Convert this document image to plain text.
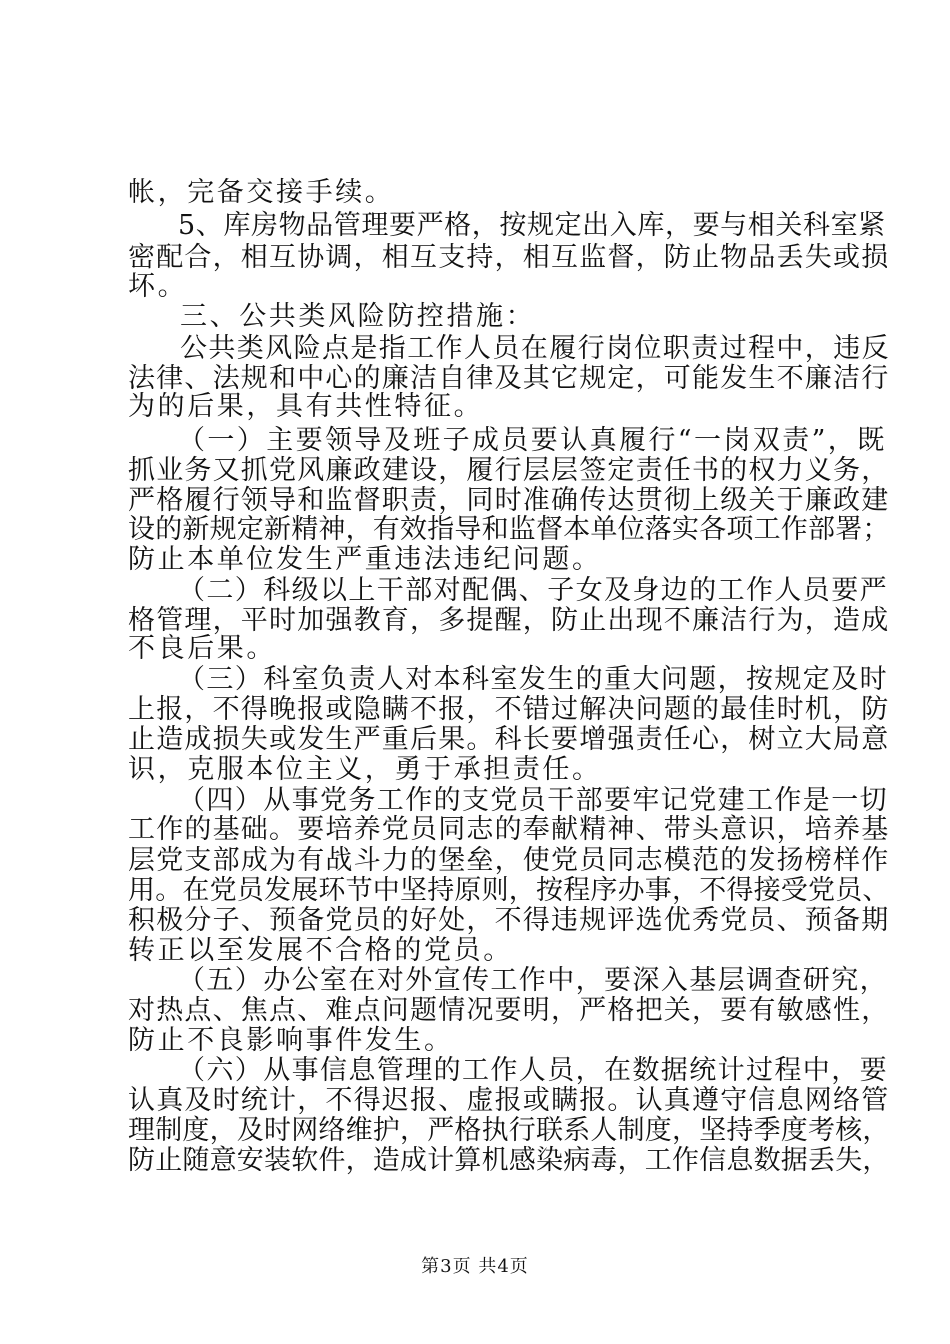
帐，完备交接手续。
5、库房物品管理要严格，按规定出入库，要与相关科室紧
密配合，相互协调，相互支持，相互监督，防止物品丢失或损
坏。
三、公共类风险防控措施：
公共类风险点是指工作人员在履行岗位职责过程中，违反
法律、法规和中心的廉洁自律及其它规定，可能发生不廉洁行
为的后果，具有共性特征。
（一）主要领导及班子成员要认真履行“一岗双责”，既
抓业务又抓党风廉政建设，履行层层签定责任书的权力义务，
严格履行领导和监督职责，同时准确传达贯彻上级关于廉政建
设的新规定新精神，有效指导和监督本单位落实各项工作部署；
防止本单位发生严重违法违纪问题。
（二）科级以上干部对配偶、子女及身边的工作人员要严
格管理，平时加强教育，多提醒，防止出现不廉洁行为，造成
不良后果。
（三）科室负责人对本科室发生的重大问题，按规定及时
上报，不得晚报或隐瞒不报，不错过解决问题的最佳时机，防
止造成损失或发生严重后果。科长要增强责任心，树立大局意
识，克服本位主义，勇于承担责任。
（四）从事党务工作的支党员干部要牢记党建工作是一切
工作的基础。要培养党员同志的奉献精神、带头意识，培养基
层党支部成为有战斗力的堡垒，使党员同志模范的发扬榜样作
用。在党员发展环节中坚持原则，按程序办事，不得接受党员、
积极分子、预备党员的好处，不得违规评选优秀党员、预备期
转正以至发展不合格的党员。
（五）办公室在对外宣传工作中，要深入基层调查研究，
对热点、焦点、难点问题情况要明，严格把关，要有敏感性，
防止不良影响事件发生。
（六）从事信息管理的工作人员，在数据统计过程中，要
认真及时统计，不得迟报、虚报或瞒报。认真遵守信息网络管
理制度，及时网络维护，严格执行联系人制度，坚持季度考核，
防止随意安装软件，造成计算机感染病毒，工作信息数据丢失，
第3页 共4页
